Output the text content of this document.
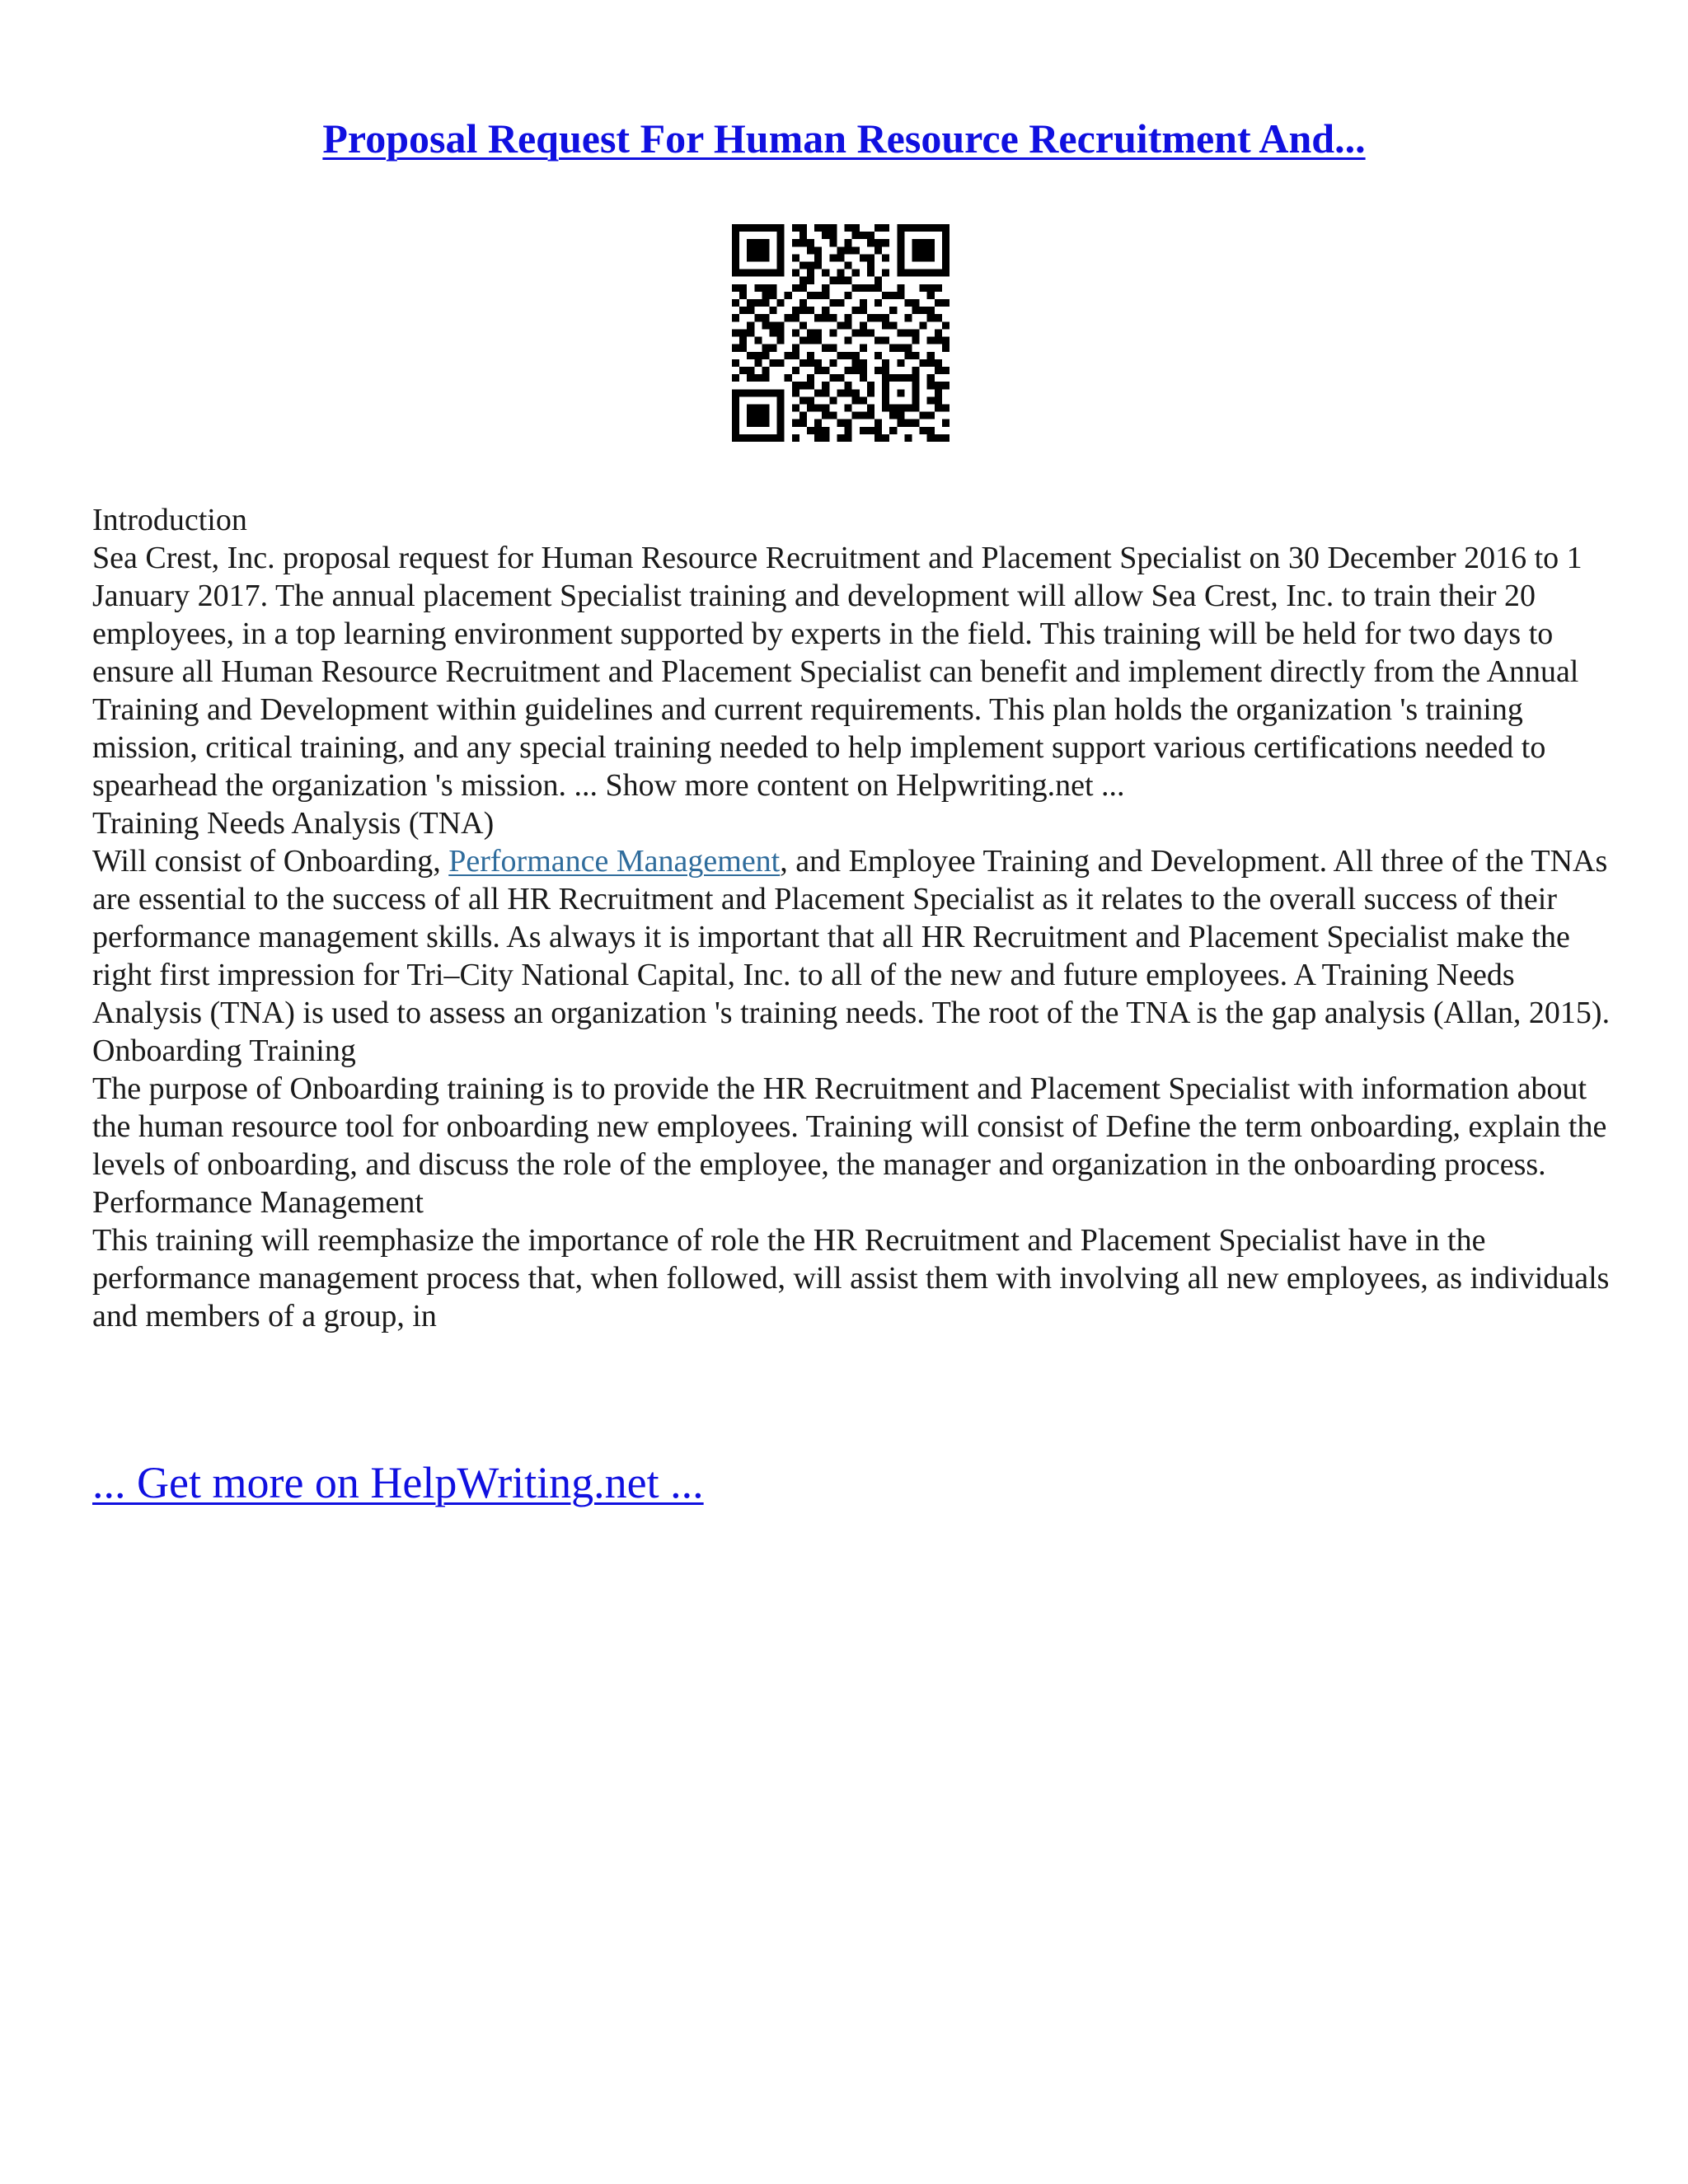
Proposal Request For Human Resource Recruitment And...

Introduction

Sea Crest, Inc. proposal request for Human Resource Recruitment and Placement Specialist on 30 December 2016 to 1 January 2017. The annual placement Specialist training and development will allow Sea Crest, Inc. to train their 20 employees, in a top learning environment supported by experts in the field. This training will be held for two days to ensure all Human Resource Recruitment and Placement Specialist can benefit and implement directly from the Annual Training and Development within guidelines and current requirements. This plan holds the organization 's training mission, critical training, and any special training needed to help implement support various certifications needed to spearhead the organization 's mission. ... Show more content on Helpwriting.net ...

Training Needs Analysis (TNA)

Will consist of Onboarding, Performance Management, and Employee Training and Development. All three of the TNAs are essential to the success of all HR Recruitment and Placement Specialist as it relates to the overall success of their performance management skills. As always it is important that all HR Recruitment and Placement Specialist make the right first impression for Tri–City National Capital, Inc. to all of the new and future employees. A Training Needs Analysis (TNA) is used to assess an organization 's training needs. The root of the TNA is the gap analysis (Allan, 2015).

Onboarding Training

The purpose of Onboarding training is to provide the HR Recruitment and Placement Specialist with information about the human resource tool for onboarding new employees. Training will consist of Define the term onboarding, explain the levels of onboarding, and discuss the role of the employee, the manager and organization in the onboarding process.

Performance Management

This training will reemphasize the importance of role the HR Recruitment and Placement Specialist have in the performance management process that, when followed, will assist them with involving all new employees, as individuals and members of a group, in

... Get more on HelpWriting.net ...
